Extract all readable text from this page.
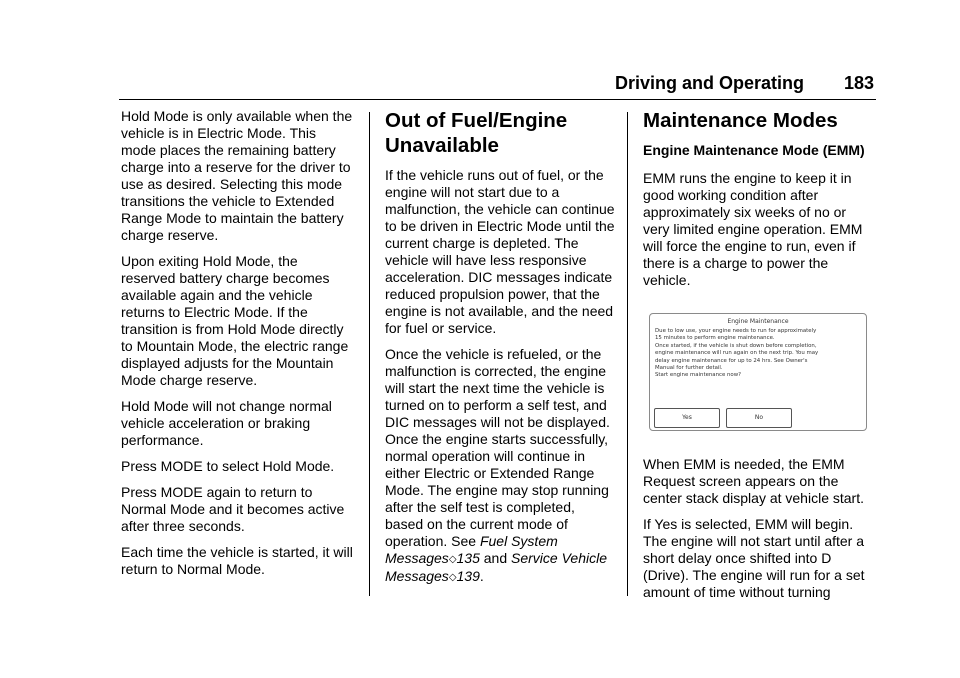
Driving and Operating 183

Hold Mode is only available when the vehicle is in Electric Mode. This mode places the remaining battery charge into a reserve for the driver to use as desired. Selecting this mode transitions the vehicle to Extended Range Mode to maintain the battery charge reserve.

Upon exiting Hold Mode, the reserved battery charge becomes available again and the vehicle returns to Electric Mode. If the transition is from Hold Mode directly to Mountain Mode, the electric range displayed adjusts for the Mountain Mode charge reserve.

Hold Mode will not change normal vehicle acceleration or braking performance.

Press MODE to select Hold Mode.

Press MODE again to return to Normal Mode and it becomes active after three seconds.

Each time the vehicle is started, it will return to Normal Mode.

Out of Fuel/Engine Unavailable

If the vehicle runs out of fuel, or the engine will not start due to a malfunction, the vehicle can continue to be driven in Electric Mode until the current charge is depleted. The vehicle will have less responsive acceleration. DIC messages indicate reduced propulsion power, that the engine is not available, and the need for fuel or service.

Once the vehicle is refueled, or the malfunction is corrected, the engine will start the next time the vehicle is turned on to perform a self test, and DIC messages will not be displayed. Once the engine starts successfully, normal operation will continue in either Electric or Extended Range Mode. The engine may stop running after the self test is completed, based on the current mode of operation. See Fuel System Messages◇135 and Service Vehicle Messages◇139.

Maintenance Modes
Engine Maintenance Mode (EMM)

EMM runs the engine to keep it in good working condition after approximately six weeks of no or very limited engine operation. EMM will force the engine to run, even if there is a charge to power the vehicle.

Engine Maintenance
Due to low use, your engine needs to run for approximately
15 minutes to perform engine maintenance.
Once started, if the vehicle is shut down before completion,
engine maintenance will run again on the next trip. You may
delay engine maintenance for up to 24 hrs. See Owner's
Manual for further detail.
Start engine maintenance now?
Yes	No

When EMM is needed, the EMM Request screen appears on the center stack display at vehicle start.

If Yes is selected, EMM will begin. The engine will not start until after a short delay once shifted into D (Drive). The engine will run for a set amount of time without turning
